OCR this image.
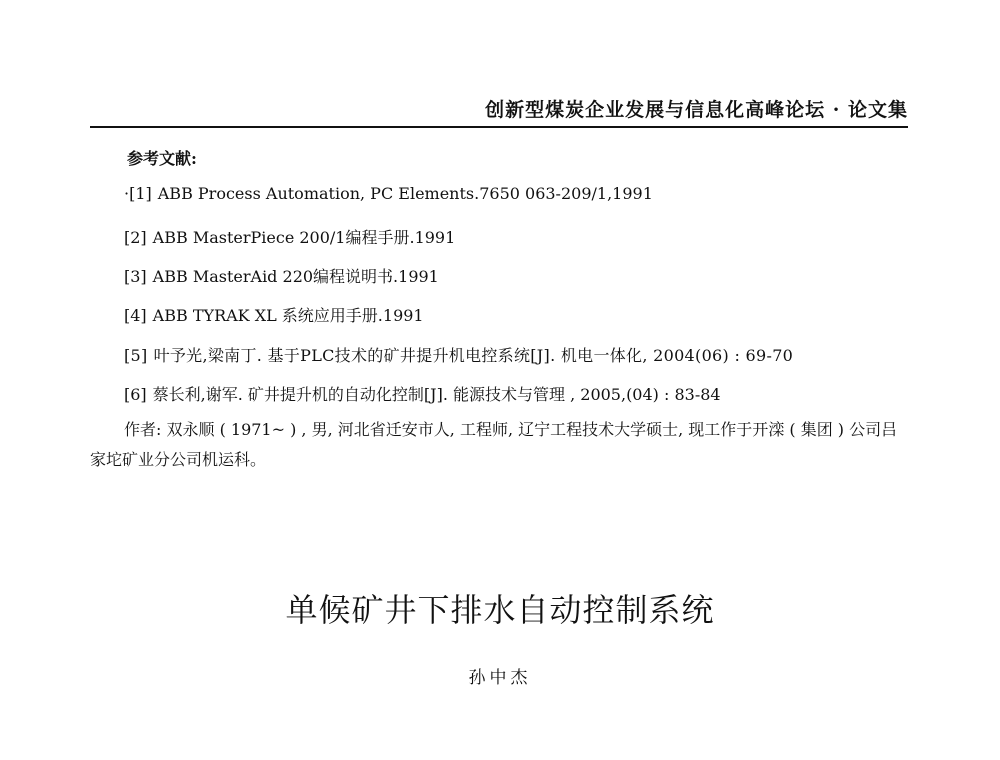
创新型煤炭企业发展与信息化高峰论坛 · 论文集
参考文献:
·[1] ABB Process Automation, PC Elements.7650 063-209/1,1991
[2] ABB MasterPiece 200/1编程手册.1991
[3] ABB MasterAid 220编程说明书.1991
[4] ABB TYRAK XL 系统应用手册.1991
[5] 叶予光,梁南丁. 基于PLC技术的矿井提升机电控系统[J]. 机电一体化, 2004(06) : 69-70
[6] 蔡长利,谢军. 矿井提升机的自动化控制[J]. 能源技术与管理 , 2005,(04) : 83-84
作者: 双永顺 ( 1971~ ) , 男, 河北省迁安市人, 工程师, 辽宁工程技术大学硕士, 现工作于开滦 ( 集团 ) 公司吕家坨矿业分公司机运科。
单候矿井下排水自动控制系统
孙中杰
